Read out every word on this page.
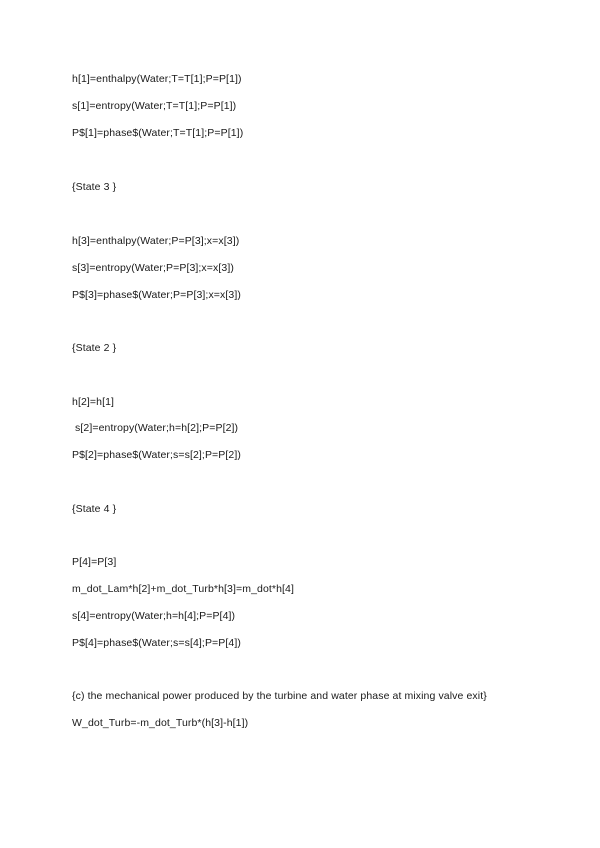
h[1]=enthalpy(Water;T=T[1];P=P[1])
s[1]=entropy(Water;T=T[1];P=P[1])
P$[1]=phase$(Water;T=T[1];P=P[1])
{State 3 }
h[3]=enthalpy(Water;P=P[3];x=x[3])
s[3]=entropy(Water;P=P[3];x=x[3])
P$[3]=phase$(Water;P=P[3];x=x[3])
{State 2 }
h[2]=h[1]
s[2]=entropy(Water;h=h[2];P=P[2])
P$[2]=phase$(Water;s=s[2];P=P[2])
{State 4 }
P[4]=P[3]
m_dot_Lam*h[2]+m_dot_Turb*h[3]=m_dot*h[4]
s[4]=entropy(Water;h=h[4];P=P[4])
P$[4]=phase$(Water;s=s[4];P=P[4])
{c) the mechanical power produced by the turbine and water phase at mixing valve exit}
W_dot_Turb=-m_dot_Turb*(h[3]-h[1])
